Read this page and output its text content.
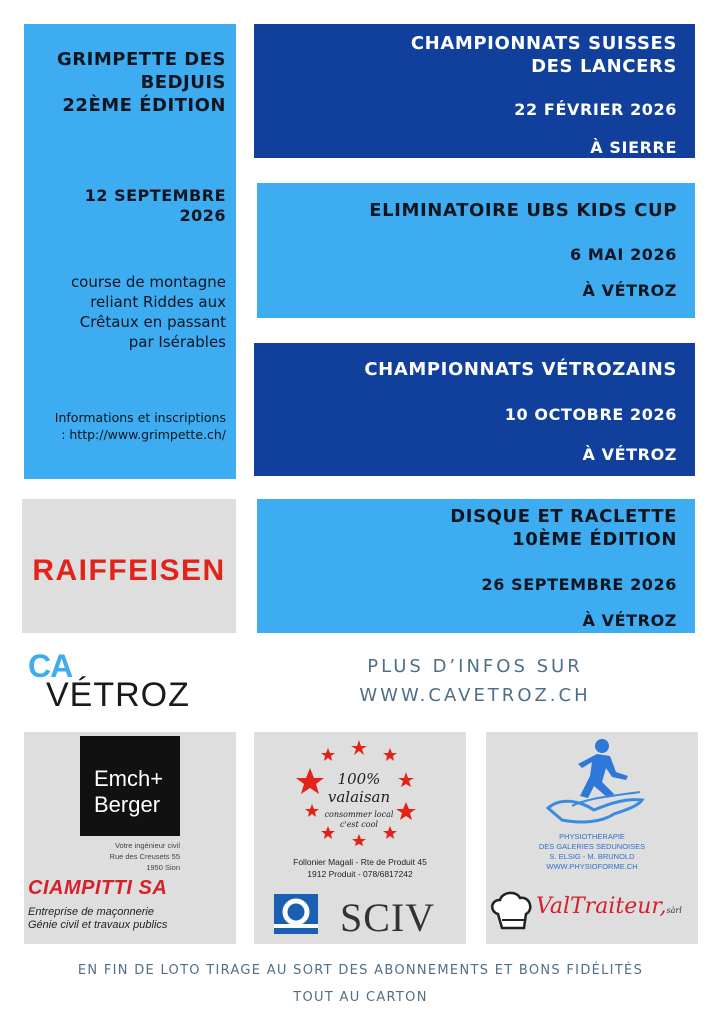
GRIMPETTE DES
BEDJUIS
22ÈME ÉDITION
12 SEPTEMBRE
2026
course de montagne
reliant Riddes aux
Crêtaux en passant
par Isérables
Informations et inscriptions
: http://www.grimpette.ch/
CHAMPIONNATS SUISSES
DES LANCERS
22 FÉVRIER 2026
À SIERRE
ELIMINATOIRE UBS KIDS CUP
6 MAI 2026
À VÉTROZ
CHAMPIONNATS VÉTROZAINS
10 OCTOBRE 2026
À VÉTROZ
RAIFFEISEN
DISQUE ET RACLETTE
10ÈME ÉDITION
26 SEPTEMBRE 2026
À VÉTROZ
CA
VÉTROZ
PLUS D’INFOS SUR
WWW.CAVETROZ.CH
Emch+
Berger
Votre ingénieur civil
Rue des Creusets 55
1950 Sion
CIAMPITTI SA
Entreprise de maçonnerie
Génie civil et travaux publics
100%
valaisan
consommer local
c'est cool
Follonier Magali - Rte de Produit 45
1912 Produit - 078/6817242
SCIV
PHYSIOTHERAPIE
DES GALERIES SEDUNOISES
S. ELSIG - M. BRUNOLD
WWW.PHYSIOFORME.CH
ValTraiteur,sàrl
EN FIN DE LOTO TIRAGE AU SORT DES ABONNEMENTS ET BONS FIDÉLITÉS
TOUT AU CARTON
